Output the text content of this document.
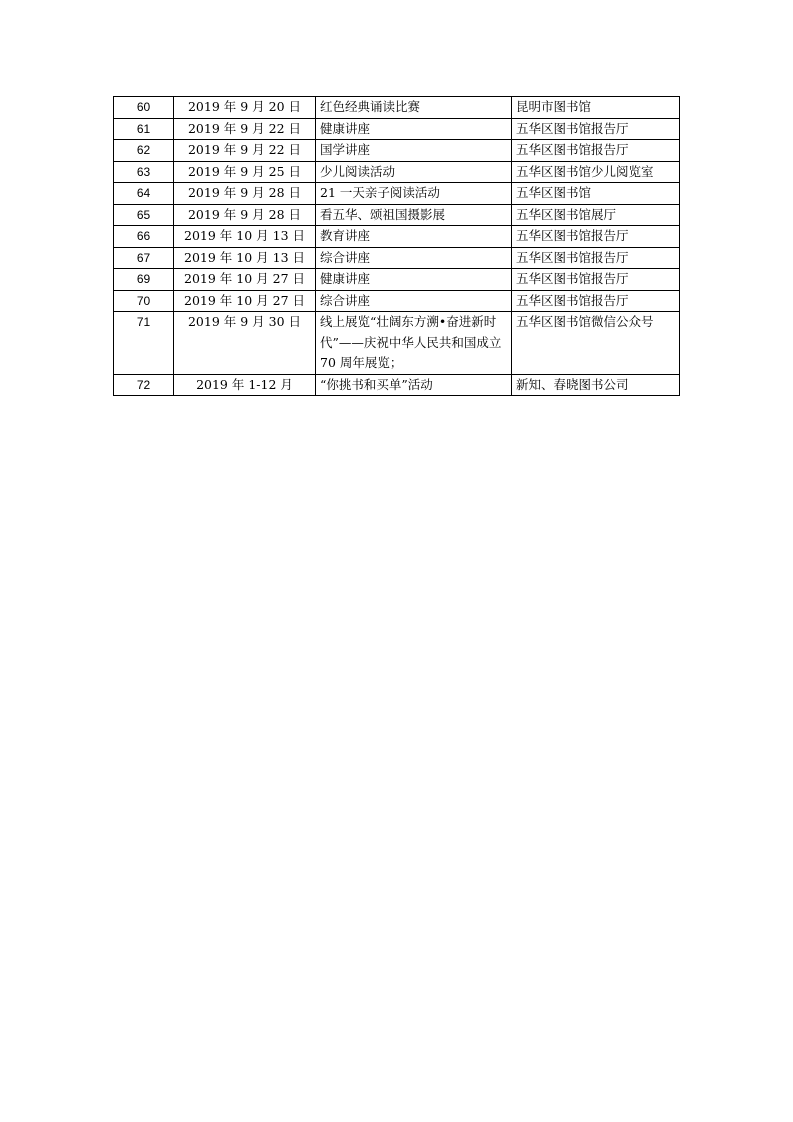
60	2019 年 9 月 20 日	红色经典诵读比赛	昆明市图书馆
61	2019 年 9 月 22 日	健康讲座	五华区图书馆报告厅
62	2019 年 9 月 22 日	国学讲座	五华区图书馆报告厅
63	2019 年 9 月 25 日	少儿阅读活动	五华区图书馆少儿阅览室
64	2019 年 9 月 28 日	21 一天亲子阅读活动	五华区图书馆
65	2019 年 9 月 28 日	看五华、颂祖国摄影展	五华区图书馆展厅
66	2019 年 10 月 13 日	教育讲座	五华区图书馆报告厅
67	2019 年 10 月 13 日	综合讲座	五华区图书馆报告厅
69	2019 年 10 月 27 日	健康讲座	五华区图书馆报告厅
70	2019 年 10 月 27 日	综合讲座	五华区图书馆报告厅
71	2019 年 9 月 30 日	线上展览“壮阔东方溯•奋进新时代”——庆祝中华人民共和国成立 70 周年展览；	五华区图书馆微信公众号
72	2019 年 1-12 月	“你挑书和买单”活动	新知、春晓图书公司
